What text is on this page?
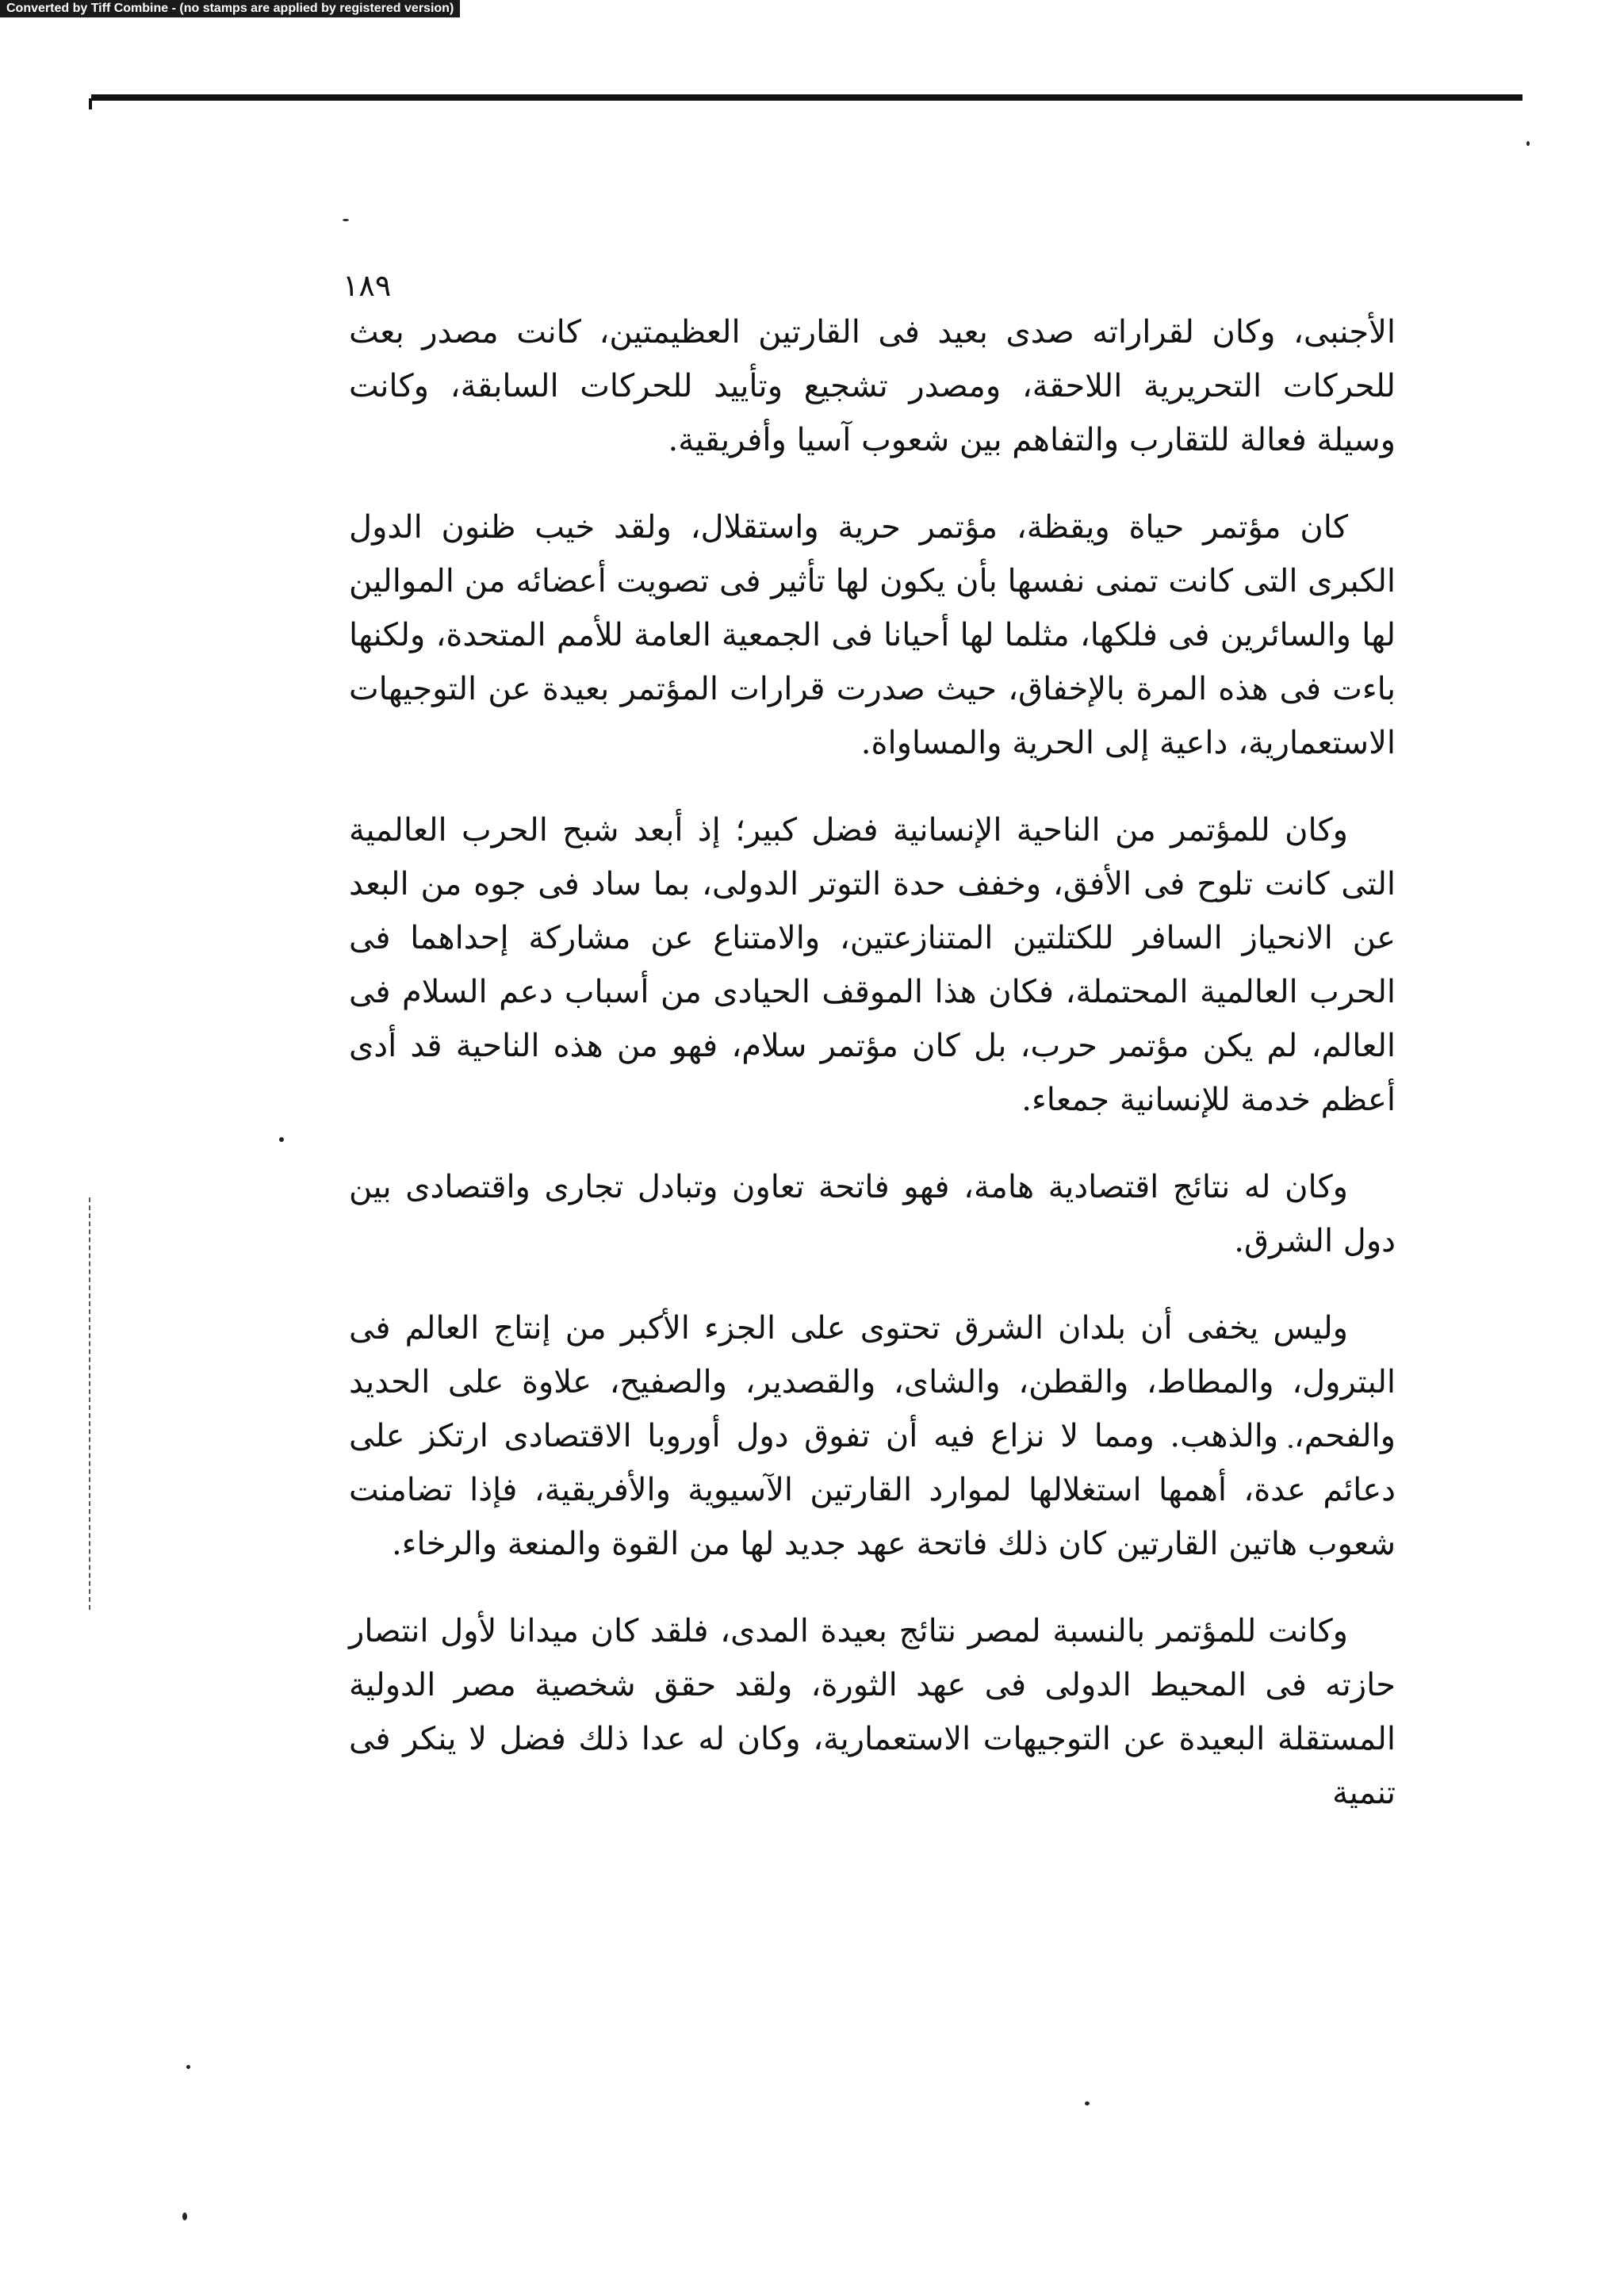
Converted by Tiff Combine - (no stamps are applied by registered version)
١٨٩

الأجنبى، وكان لقراراته صدى بعيد فى القارتين العظيمتين، كانت مصدر بعث للحركات التحريرية اللاحقة، ومصدر تشجيع وتأييد للحركات السابقة، وكانت وسيلة فعالة للتقارب والتفاهم بين شعوب آسيا وأفريقية.

كان مؤتمر حياة ويقظة، مؤتمر حرية واستقلال، ولقد خيب ظنون الدول الكبرى التى كانت تمنى نفسها بأن يكون لها تأثير فى تصويت أعضائه من الموالين لها والسائرين فى فلكها، مثلما لها أحيانا فى الجمعية العامة للأمم المتحدة، ولكنها باءت فى هذه المرة بالإخفاق، حيث صدرت قرارات المؤتمر بعيدة عن التوجيهات الاستعمارية، داعية إلى الحرية والمساواة.

وكان للمؤتمر من الناحية الإنسانية فضل كبير؛ إذ أبعد شبح الحرب العالمية التى كانت تلوح فى الأفق، وخفف حدة التوتر الدولى، بما ساد فى جوه من البعد عن الانحياز السافر للكتلتين المتنازعتين، والامتناع عن مشاركة إحداهما فى الحرب العالمية المحتملة، فكان هذا الموقف الحيادى من أسباب دعم السلام فى العالم، لم يكن مؤتمر حرب، بل كان مؤتمر سلام، فهو من هذه الناحية قد أدى أعظم خدمة للإنسانية جمعاء.

وكان له نتائج اقتصادية هامة، فهو فاتحة تعاون وتبادل تجارى واقتصادى بين دول الشرق.

وليس يخفى أن بلدان الشرق تحتوى على الجزء الأكبر من إنتاج العالم فى البترول، والمطاط، والقطن، والشاى، والقصدير، والصفيح، علاوة على الحديد والفحم، والذهب. ومما لا نزاع فيه أن تفوق دول أوروبا الاقتصادى ارتكز على دعائم عدة، أهمها استغلالها لموارد القارتين الآسيوية والأفريقية، فإذا تضامنت شعوب هاتين القارتين كان ذلك فاتحة عهد جديد لها من القوة والمنعة والرخاء.

وكانت للمؤتمر بالنسبة لمصر نتائج بعيدة المدى، فلقد كان ميدانا لأول انتصار حازته فى المحيط الدولى فى عهد الثورة، ولقد حقق شخصية مصر الدولية المستقلة البعيدة عن التوجيهات الاستعمارية، وكان له عدا ذلك فضل لا ينكر فى تنمية
